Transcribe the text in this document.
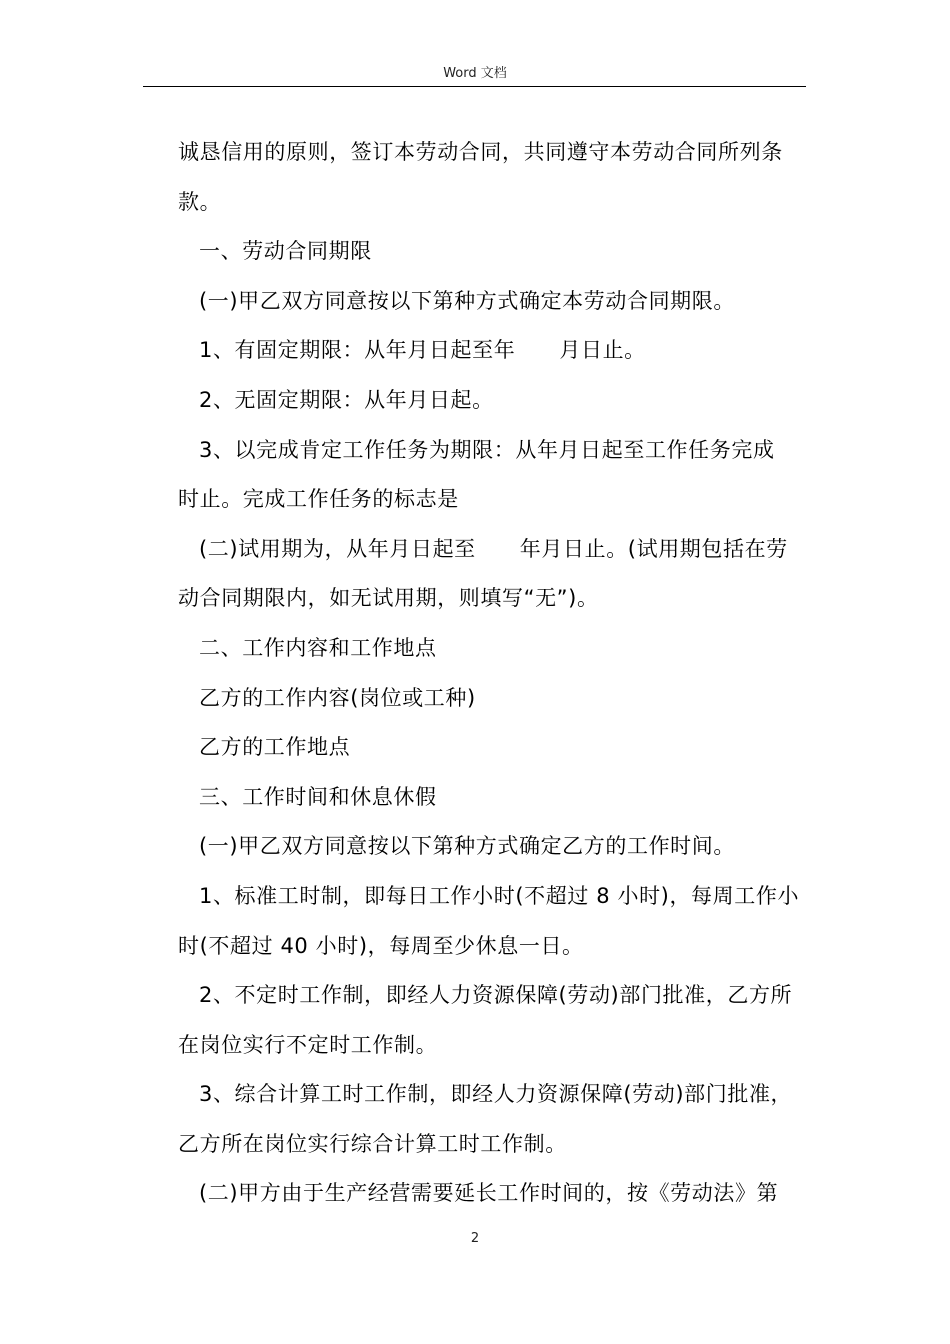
Word 文档

诚恳信用的原则，签订本劳动合同，共同遵守本劳动合同所列条

款。

一、劳动合同期限

(一)甲乙双方同意按以下第种方式确定本劳动合同期限。

1、有固定期限：从年月日起至年 月日止。

2、无固定期限：从年月日起。

3、以完成肯定工作任务为期限：从年月日起至工作任务完成

时止。完成工作任务的标志是

(二)试用期为，从年月日起至 年月日止。(试用期包括在劳

动合同期限内，如无试用期，则填写“无”)。

二、工作内容和工作地点

乙方的工作内容(岗位或工种)

乙方的工作地点

三、工作时间和休息休假

(一)甲乙双方同意按以下第种方式确定乙方的工作时间。

1、标准工时制，即每日工作小时(不超过 8 小时)，每周工作小

时(不超过 40 小时)，每周至少休息一日。

2、不定时工作制，即经人力资源保障(劳动)部门批准，乙方所

在岗位实行不定时工作制。

3、综合计算工时工作制，即经人力资源保障(劳动)部门批准，

乙方所在岗位实行综合计算工时工作制。

(二)甲方由于生产经营需要延长工作时间的，按《劳动法》第

2
